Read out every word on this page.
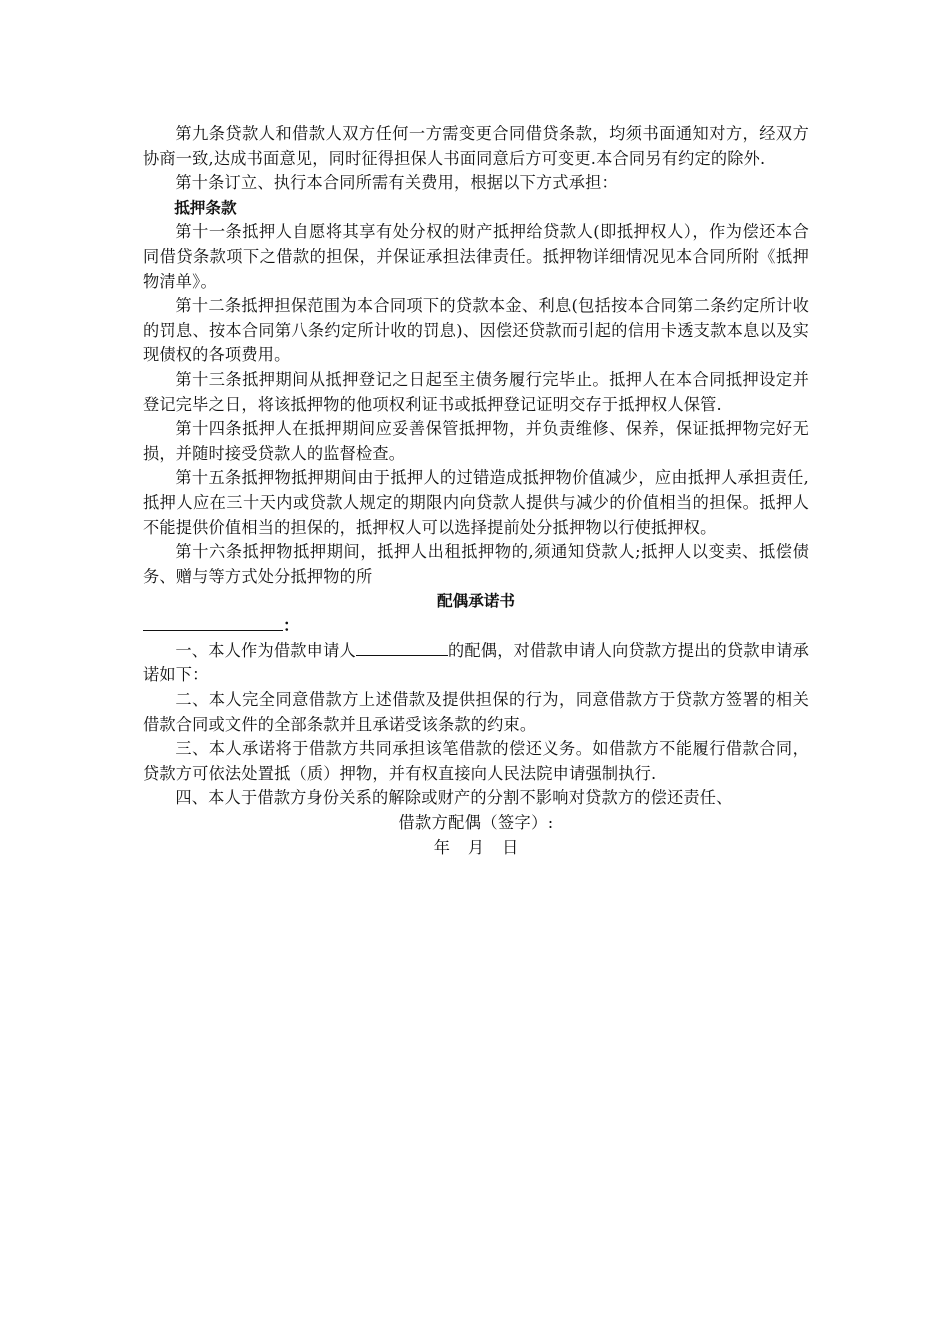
第九条贷款人和借款人双方任何一方需变更合同借贷条款，均须书面通知对方，经双方协商一致,达成书面意见，同时征得担保人书面同意后方可变更.本合同另有约定的除外.

第十条订立、执行本合同所需有关费用，根据以下方式承担：

抵押条款

第十一条抵押人自愿将其享有处分权的财产抵押给贷款人(即抵押权人），作为偿还本合同借贷条款项下之借款的担保，并保证承担法律责任。抵押物详细情况见本合同所附《抵押物清单》。

第十二条抵押担保范围为本合同项下的贷款本金、利息(包括按本合同第二条约定所计收的罚息、按本合同第八条约定所计收的罚息)、因偿还贷款而引起的信用卡透支款本息以及实现债权的各项费用。

第十三条抵押期间从抵押登记之日起至主债务履行完毕止。抵押人在本合同抵押设定并登记完毕之日，将该抵押物的他项权利证书或抵押登记证明交存于抵押权人保管.

第十四条抵押人在抵押期间应妥善保管抵押物，并负责维修、保养，保证抵押物完好无损，并随时接受贷款人的监督检查。

第十五条抵押物抵押期间由于抵押人的过错造成抵押物价值减少，应由抵押人承担责任,抵押人应在三十天内或贷款人规定的期限内向贷款人提供与减少的价值相当的担保。抵押人不能提供价值相当的担保的，抵押权人可以选择提前处分抵押物以行使抵押权。

第十六条抵押物抵押期间，抵押人出租抵押物的,须通知贷款人;抵押人以变卖、抵偿债务、赠与等方式处分抵押物的所

配偶承诺书

：

一、本人作为借款申请人	的配偶，对借款申请人向贷款方提出的贷款申请承诺如下：

二、本人完全同意借款方上述借款及提供担保的行为，同意借款方于贷款方签署的相关借款合同或文件的全部条款并且承诺受该条款的约束。

三、本人承诺将于借款方共同承担该笔借款的偿还义务。如借款方不能履行借款合同，贷款方可依法处置抵（质）押物，并有权直接向人民法院申请强制执行.

四、本人于借款方身份关系的解除或财产的分割不影响对贷款方的偿还责任、

借款方配偶（签字）:

年 月 日
